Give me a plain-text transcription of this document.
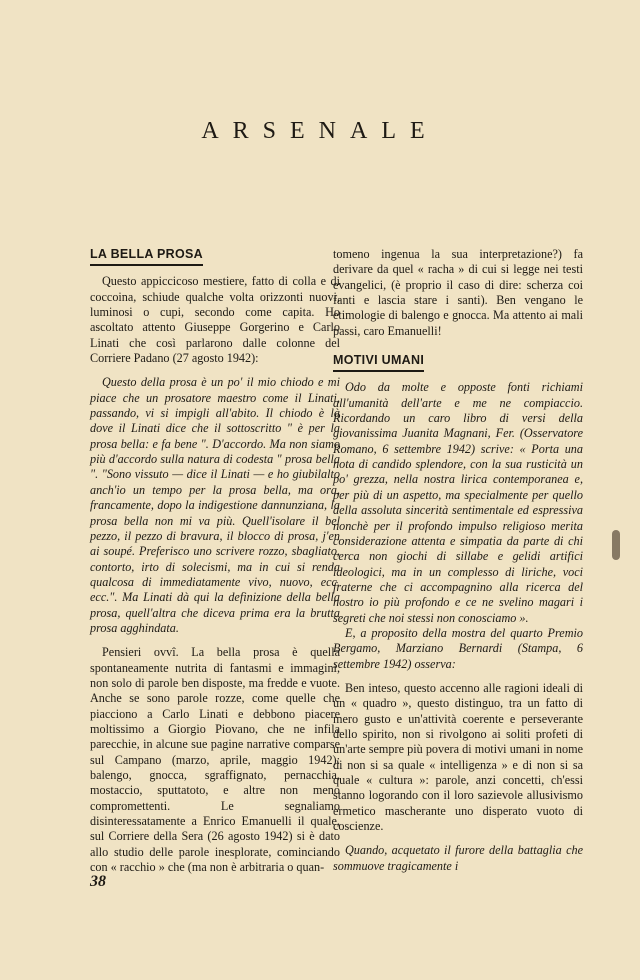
ARSENALE
LA BELLA PROSA

Questo appiccicoso mestiere, fatto di colla e di coccoina, schiude qualche volta orizzonti nuovi, luminosi o cupi, secondo come capita. Ho ascoltato attento Giuseppe Gorgerino e Carlo Linati che così parlarono dalle colonne del Corriere Padano (27 agosto 1942):

Questo della prosa è un po' il mio chiodo e mi piace che un prosatore maestro come il Linati, passando, vi si impigli all'abito. Il chiodo è là dove il Linati dice che il sottoscritto " è per la prosa bella: e fa bene ". D'accordo. Ma non siamo più d'accordo sulla natura di codesta " prosa bella ". "Sono vissuto — dice il Linati — e ho giubilalto anch'io un tempo per la prosa bella, ma ora, francamente, dopo la indigestione dannunziana, la prosa bella non mi va più. Quell'isolare il bel pezzo, il pezzo di bravura, il blocco di prosa, j'en ai soupé. Preferisco uno scrivere rozzo, sbagliato, contorto, irto di solecismi, ma in cui si renda qualcosa di immediatamente vivo, nuovo, ecc. ecc.". Ma Linati dà qui la definizione della bella prosa, quell'altra che diceva prima era la brutta prosa agghindata.

Pensieri ovvî. La bella prosa è quella spontaneamente nutrita di fantasmi e immagini, non solo di parole ben disposte, ma fredde e vuote. Anche se sono parole rozze, come quelle che piacciono a Carlo Linati e debbono piacere moltissimo a Giorgio Piovano, che ne infila parecchie, in alcune sue pagine narrative comparse sul Campano (marzo, aprile, maggio 1942): balengo, gnocca, sgraffignato, pernacchia, mostaccio, sputtatoto, e altre non meno compromettenti. Le segnaliamo disinteressatamente a Enrico Emanuelli il quale, sul Corriere della Sera (26 agosto 1942) si è dato allo studio delle parole inesplorate, cominciando con « racchio » che (ma non è arbitraria o quan-

tomeno ingenua la sua interpretazione?) fa derivare da quel « racha » di cui si legge nei testi evangelici, (è proprio il caso di dire: scherza coi fanti e lascia stare i santi). Ben vengano le etimologie di balengo e gnocca. Ma attento ai mali passi, caro Emanuelli!

MOTIVI UMANI

Odo da molte e opposte fonti richiami all'umanità dell'arte e me ne compiaccio. Ricordando un caro libro di versi della giovanissima Juanita Magnani, Fer. (Osservatore Romano, 6 settembre 1942) scrive: « Porta una nota di candido splendore, con la sua rusticità un po' grezza, nella nostra lirica contemporanea e, per più di un aspetto, ma specialmente per quello della assoluta sincerità sentimentale ed espressiva nonchè per il profondo impulso religioso merita considerazione attenta e simpatia da parte di chi cerca non giochi di sillabe e gelidi artifici ideologici, ma in un complesso di liriche, voci fraterne che ci accompagnino alla ricerca del nostro io più profondo e ce ne svelino magari i segreti che noi stessi non conosciamo ».

E, a proposito della mostra del quarto Premio Bergamo, Marziano Bernardi (Stampa, 6 settembre 1942) osserva:

Ben inteso, questo accenno alle ragioni ideali di un « quadro », questo distinguo, tra un fatto di mero gusto e un'attività coerente e perseverante dello spirito, non si rivolgono ai soliti profeti di un'arte sempre più povera di motivi umani in nome di non si sa quale « intelligenza » e di non si sa quale « cultura »: parole, anzi concetti, ch'essi stanno logorando con il loro sazievole allusivismo ermetico mascherante uno disperato vuoto di coscienze.

Quando, acquetato il furore della battaglia che sommuove tragicamente i

38
